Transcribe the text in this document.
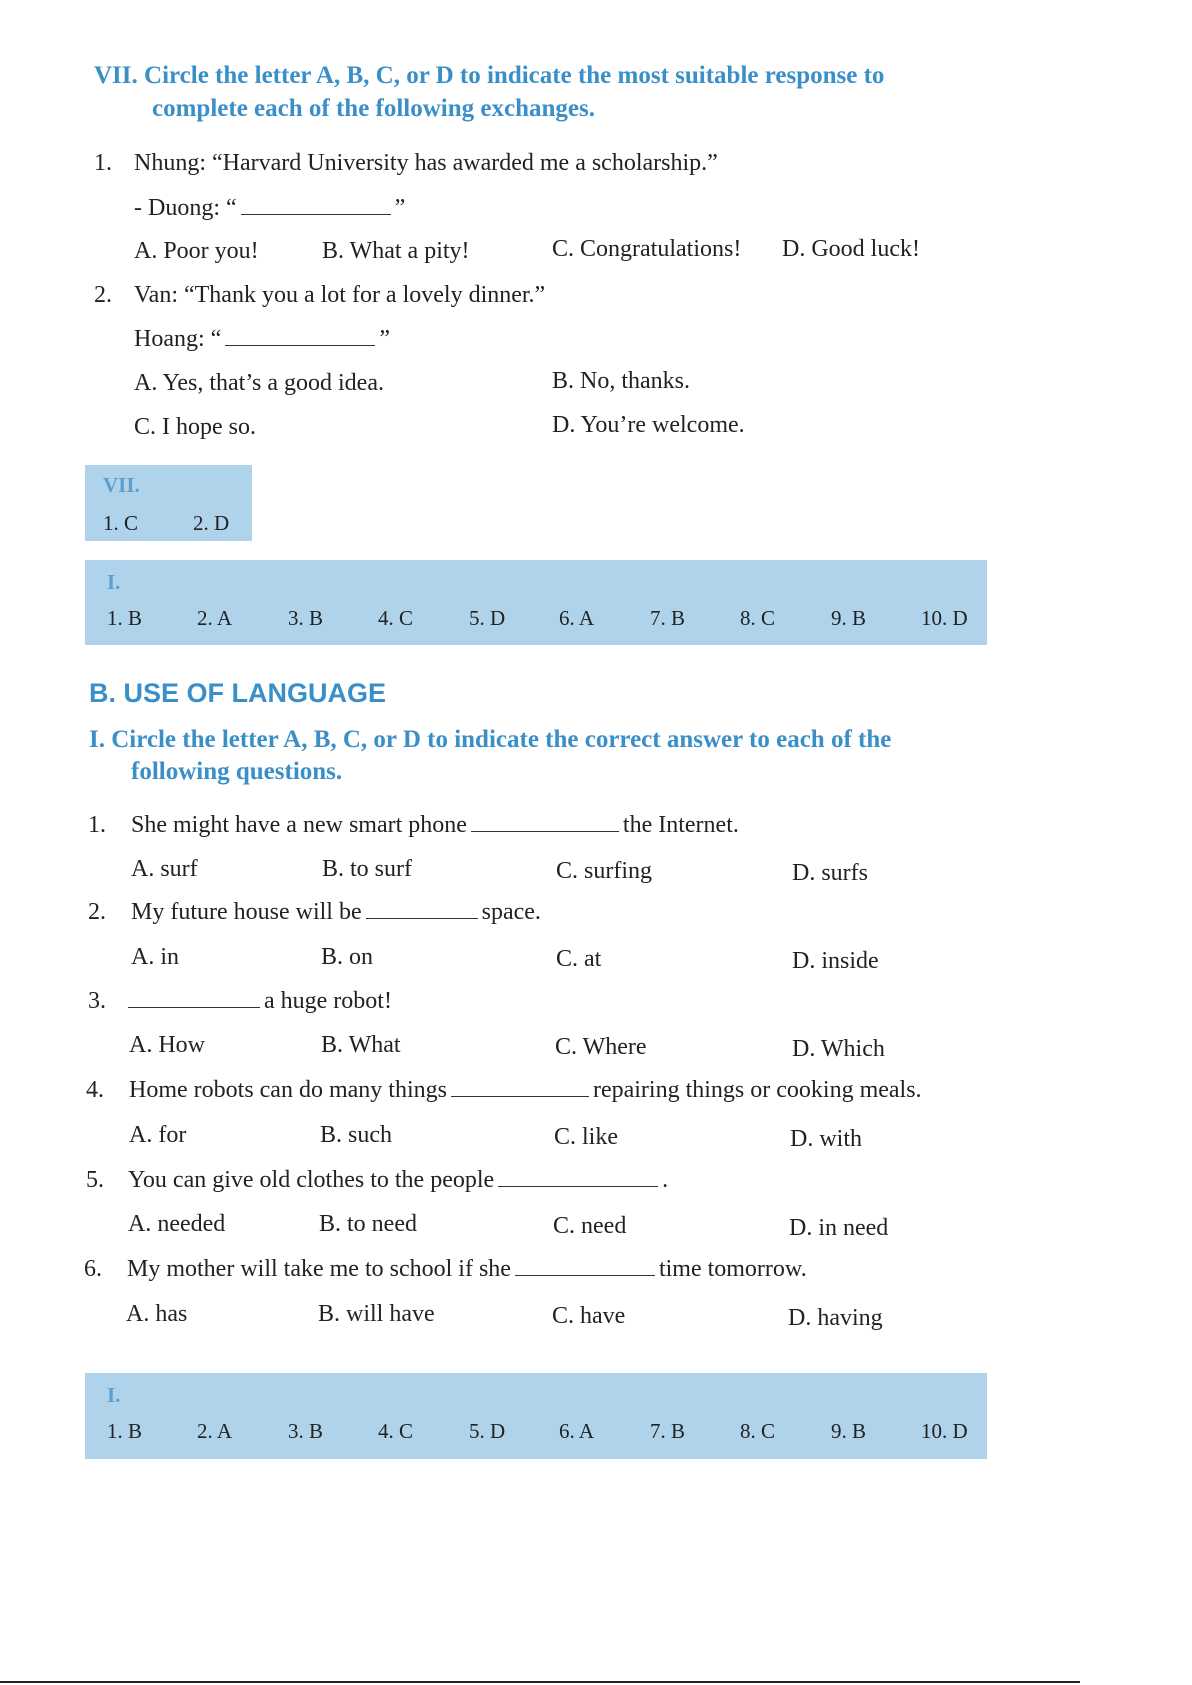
VII. Circle the letter A, B, C, or D to indicate the most suitable response to
complete each of the following exchanges.
1. Nhung: “Harvard University has awarded me a scholarship.”
- Duong: “	”
A. Poor you!	B. What a pity!	C. Congratulations! D. Good luck!
2. Van: “Thank you a lot for a lovely dinner.”
Hoang: “	”
A. Yes, that’s a good idea.	B. No, thanks.
C. I hope so.	D. You’re welcome.
VII.
1. C	2. D
I.
1. B	2. A	3. B	4. C	5. D	6. A	7. B	8. C	9. B	10. D
B. USE OF LANGUAGE
I. Circle the letter A, B, C, or D to indicate the correct answer to each of the
following questions.
1. She might have a new smart phone	the Internet.
A. surf	B. to surf	C. surfing	D. surfs
2. My future house will be	space.
A. in	B. on	C. at	D. inside
3.	a huge robot!
A. How	B. What	C. Where	D. Which
4. Home robots can do many things	repairing things or cooking meals.
A. for	B. such	C. like	D. with
5. You can give old clothes to the people	.
A. needed	B. to need	C. need	D. in need
6. My mother will take me to school if she	time tomorrow.
A. has	B. will have	C. have	D. having
I.
1. B	2. A	3. B	4. C	5. D	6. A	7. B	8. C	9. B	10. D
